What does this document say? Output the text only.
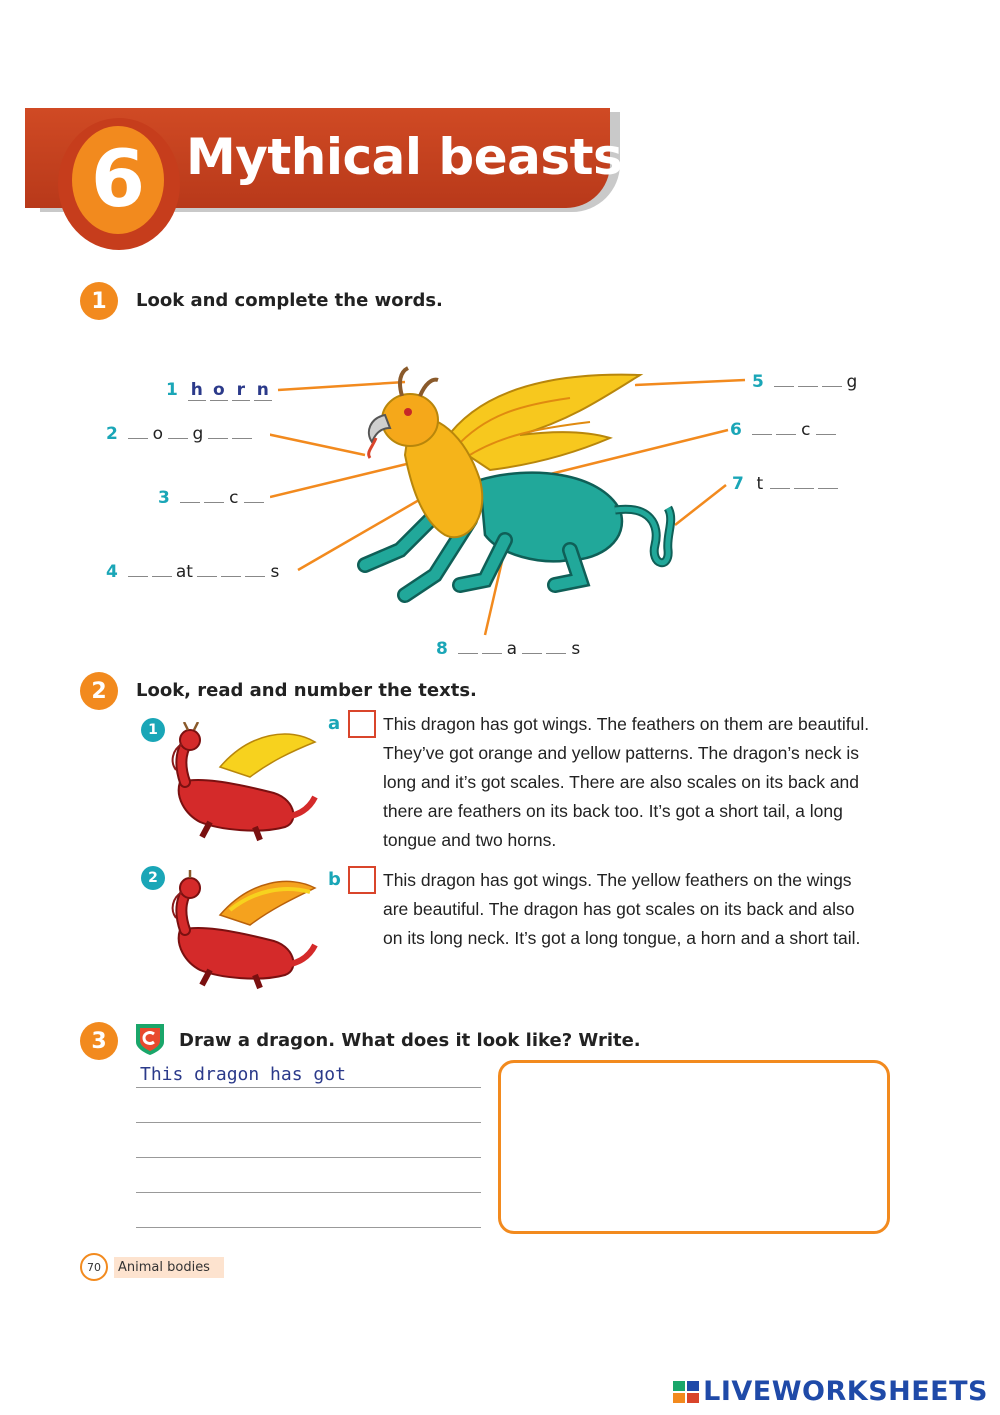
6 Mythical beasts
1	Look and complete the words.
1 h o r n
2 o g
3	c
4	at	s
5	g
6	c
7 t
8	a	s
2	Look, read and number the texts.
1	a This dragon has got wings. The feathers on them are beautiful. They’ve got orange and yellow patterns. The dragon’s neck is long and it’s got scales. There are also scales on its back and there are feathers on its back too. It’s got a short tail, a long tongue and two horns.
2	b This dragon has got wings. The yellow feathers on the wings are beautiful. The dragon has got scales on its back and also on its long neck. It’s got a long tongue, a horn and a short tail.
3	Draw a dragon. What does it look like? Write.
This dragon has got
70	Animal bodies
LIVEWORKSHEETS
